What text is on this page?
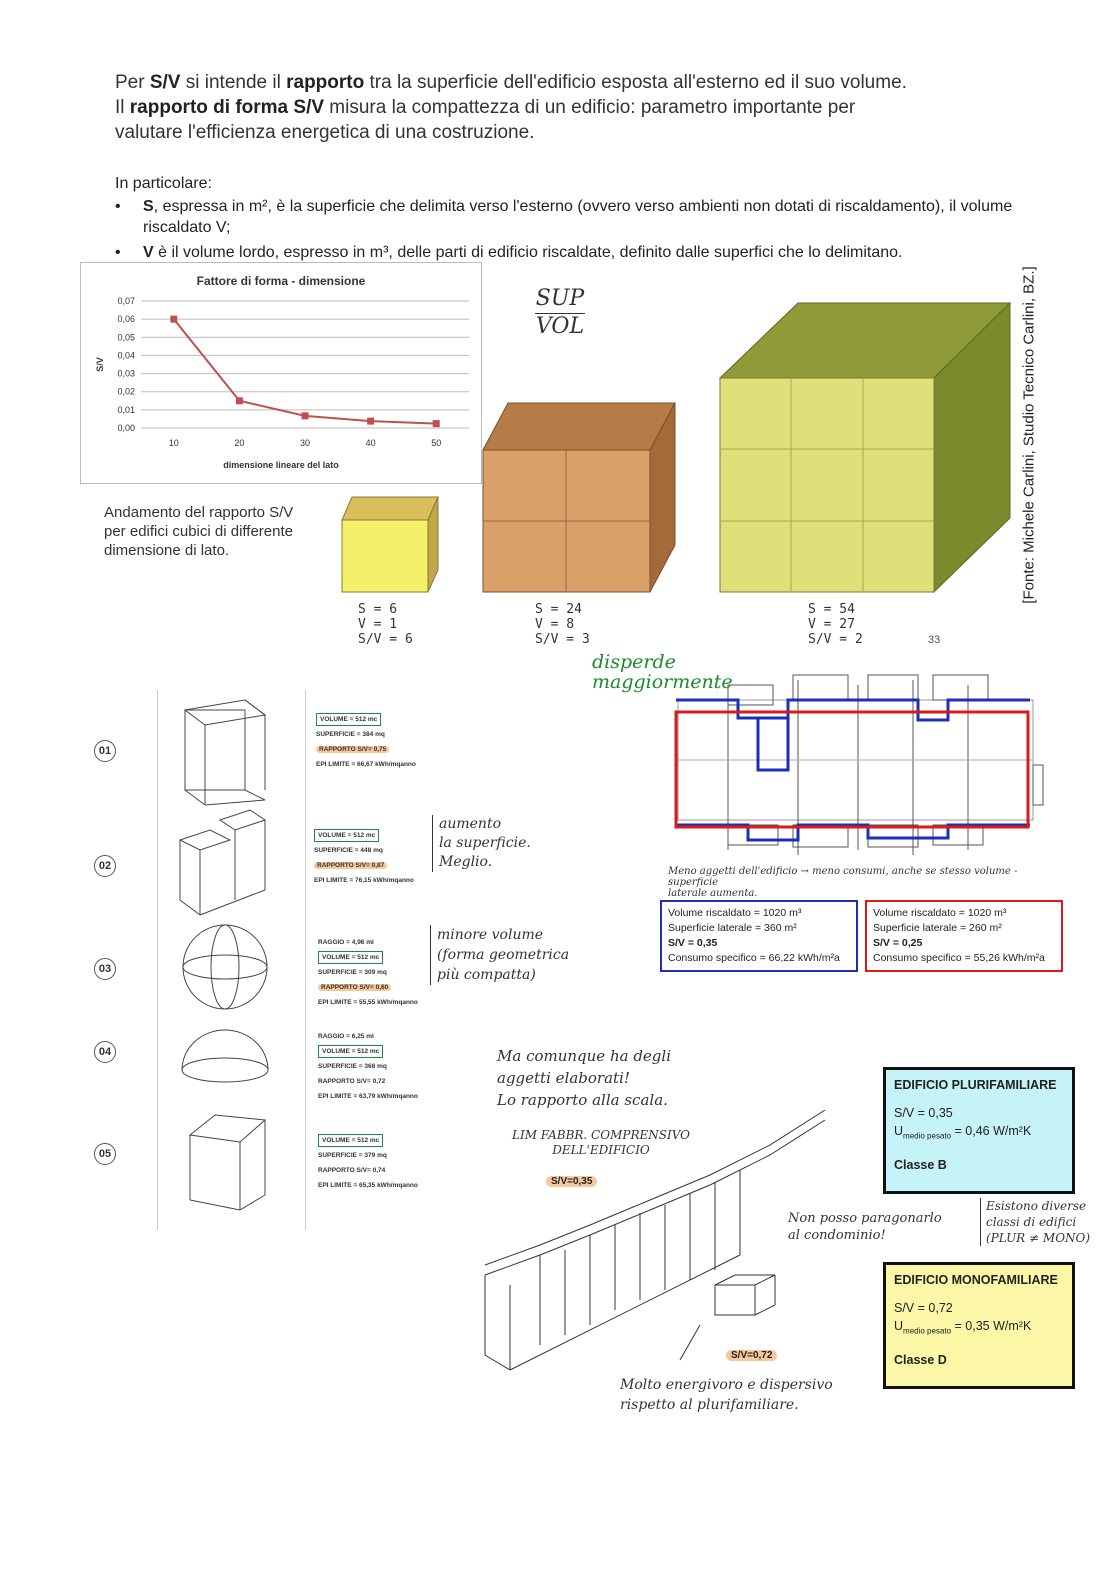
Per S/V si intende il rapporto tra la superficie dell'edificio esposta all'esterno ed il suo volume.
Il rapporto di forma S/V misura la compattezza di un edificio: parametro importante per
valutare l'efficienza energetica di una costruzione.
In particolare:
• S, espressa in m², è la superficie che delimita verso l'esterno (ovvero verso ambienti non dotati di riscaldamento), il volume riscaldato V;
• V è il volume lordo, espresso in m³, delle parti di edificio riscaldate, definito dalle superfici che lo delimitano.
Fattore di forma - dimensione
0,00
0,01
0,02
0,03
0,04
0,05
0,06
0,07
10	20	30	40	50
dimensione lineare del lato
S/V
Andamento del rapporto S/V per edifici cubici di differente dimensione di lato.
SUP
VOL
S = 6
V = 1
S/V = 6
S = 24
V = 8
S/V = 3
S = 54
V = 27
S/V = 2	33
[Fonte: Michele Carlini, Studio Tecnico Carlini, BZ.]
disperde
maggiormente
Meno aggetti dell'edificio → meno consumi, anche se stesso volume - superficie
laterale aumenta.
Volume riscaldato = 1020 m³
Superficie laterale = 360 m²
S/V = 0,35
Consumo specifico = 66,22 kWh/m²a
Volume riscaldato = 1020 m³
Superficie laterale = 260 m²
S/V = 0,25
Consumo specifico = 55,26 kWh/m²a
01
02
03
04
05
VOLUME = 512 mc
SUPERFICIE = 384 mq
RAPPORTO S/V= 0,75
EPI LIMITE = 66,67 kWh/mqanno
VOLUME = 512 mc
SUPERFICIE = 448 mq
RAPPORTO S/V= 0,87
EPI LIMITE = 76,15 kWh/mqanno
RAGGIO = 4,96 ml
VOLUME = 512 mc
SUPERFICIE = 309 mq
RAPPORTO S/V= 0,60
EPI LIMITE = 55,55 kWh/mqanno
RAGGIO = 6,25 ml
VOLUME = 512 mc
SUPERFICIE = 368 mq
RAPPORTO S/V= 0,72
EPI LIMITE = 63,79 kWh/mqanno
VOLUME = 512 mc
SUPERFICIE = 379 mq
RAPPORTO S/V= 0,74
EPI LIMITE = 65,35 kWh/mqanno
aumento
la superficie.
Meglio.
minore volume
(forma geometrica
più compatta)
Ma comunque ha degli
aggetti elaborati!
Lo rapporto alla scala.
LIM FABBR. COMPRENSIVO
DELL'EDIFICIO
S/V=0,35
S/V=0,72
Non posso paragonarlo
al condominio!
Esistono diverse
classi di edifici
(PLUR ≠ MONO)
Molto energivoro e dispersivo
rispetto al plurifamiliare.
EDIFICIO PLURIFAMILIARE
S/V = 0,35
$U_{medio pesato} = 0,46$ W/m²K
Classe B
EDIFICIO MONOFAMILIARE
S/V = 0,72
$U_{medio pesato} = 0,35$ W/m²K
Classe D
